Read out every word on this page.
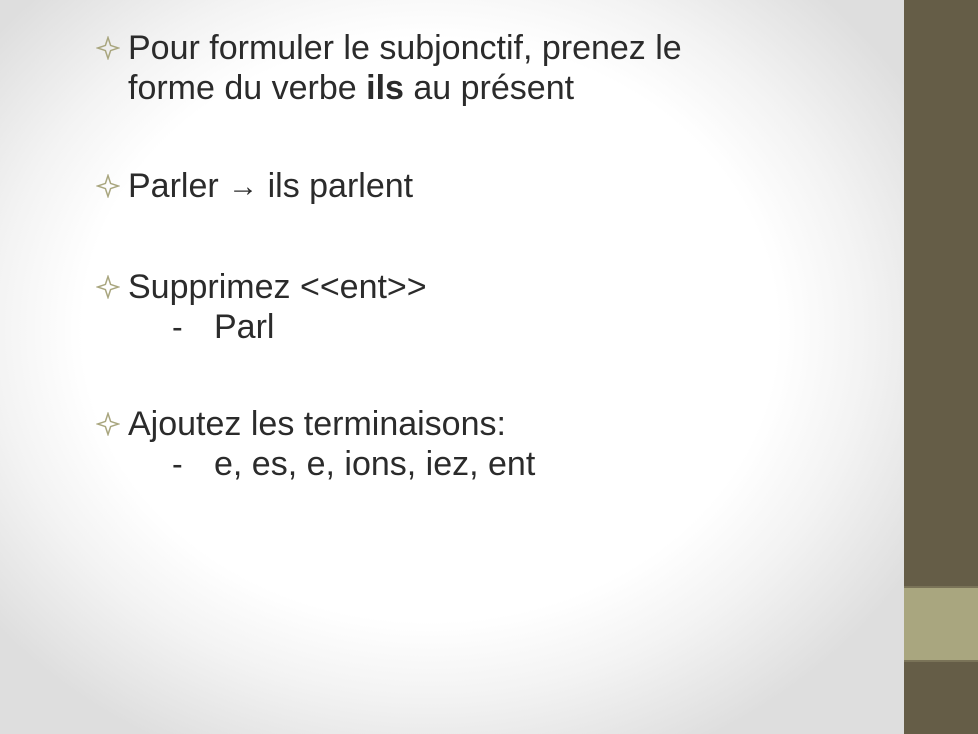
Pour formuler le subjonctif, prenez le
forme du verbe ils au présent
Parler → ils parlent
Supprimez <<ent>>
- Parl
Ajoutez les terminaisons:
- e, es, e, ions, iez, ent
